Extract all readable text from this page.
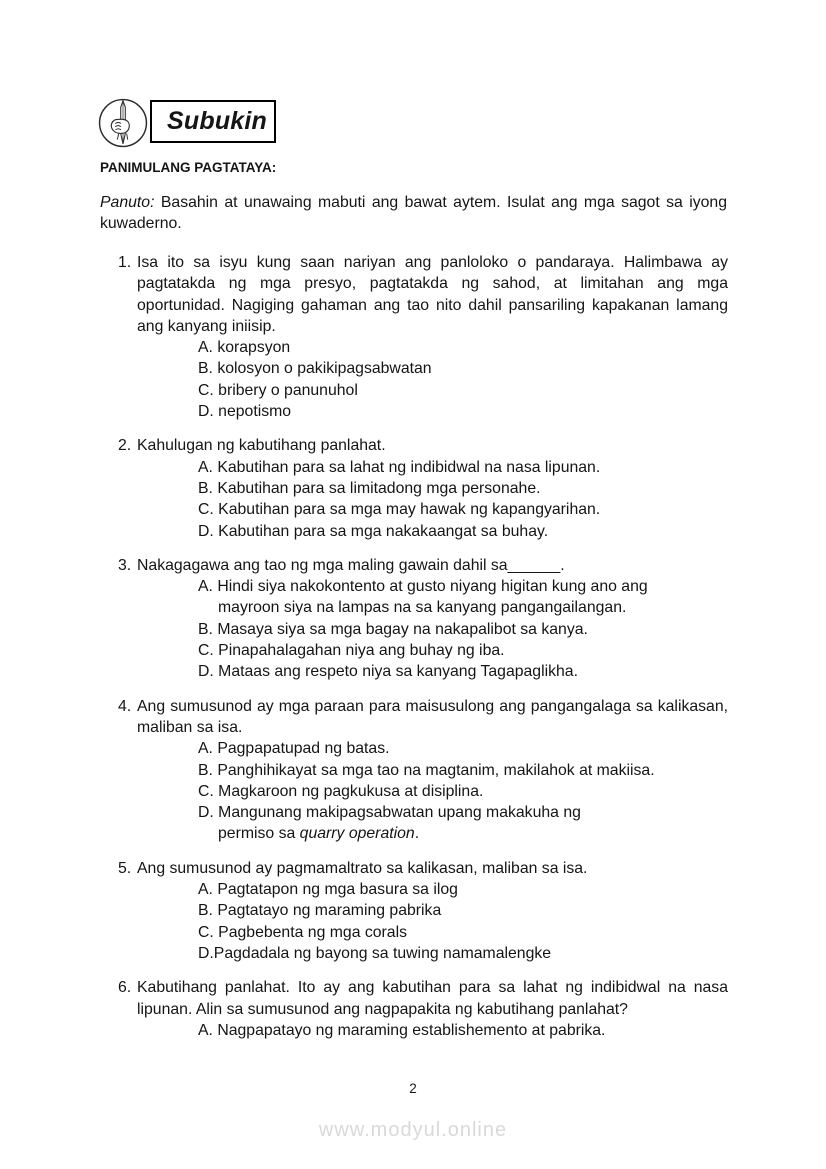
Subukin
PANIMULANG PAGTATAYA:
Panuto: Basahin at unawaing mabuti ang bawat aytem. Isulat ang mga sagot sa iyong kuwaderno.
1. Isa ito sa isyu kung saan nariyan ang panloloko o pandaraya. Halimbawa ay pagtatakda ng mga presyo, pagtatakda ng sahod, at limitahan ang mga oportunidad. Nagiging gahaman ang tao nito dahil pansariling kapakanan lamang ang kanyang iniisip.
A. korapsyon
B. kolosyon o pakikipagsabwatan
C. bribery o panunuhol
D. nepotismo
2. Kahulugan ng kabutihang panlahat.
A. Kabutihan para sa lahat ng indibidwal na nasa lipunan.
B. Kabutihan para sa limitadong mga personahe.
C. Kabutihan para sa mga may hawak ng kapangyarihan.
D. Kabutihan para sa mga nakakaangat sa buhay.
3. Nakagagawa ang tao ng mga maling gawain dahil sa______.
A. Hindi siya nakokontento at gusto niyang higitan kung ano ang
mayroon siya na lampas na sa kanyang pangangailangan.
B. Masaya siya sa mga bagay na nakapalibot sa kanya.
C. Pinapahalagahan niya ang buhay ng iba.
D. Mataas ang respeto niya sa kanyang Tagapaglikha.
4. Ang sumusunod ay mga paraan para maisusulong ang pangangalaga sa kalikasan, maliban sa isa.
A. Pagpapatupad ng batas.
B. Panghihikayat sa mga tao na magtanim, makilahok at makiisa.
C. Magkaroon ng pagkukusa at disiplina.
D. Mangunang makipagsabwatan upang makakuha ng
permiso sa quarry operation.
5. Ang sumusunod ay pagmamaltrato sa kalikasan, maliban sa isa.
A. Pagtatapon ng mga basura sa ilog
B. Pagtatayo ng maraming pabrika
C. Pagbebenta ng mga corals
D.Pagdadala ng bayong sa tuwing namamalengke
6. Kabutihang panlahat. Ito ay ang kabutihan para sa lahat ng indibidwal na nasa lipunan. Alin sa sumusunod ang nagpapakita ng kabutihang panlahat?
A. Nagpapatayo ng maraming establishemento at pabrika.
2
www.modyul.online
